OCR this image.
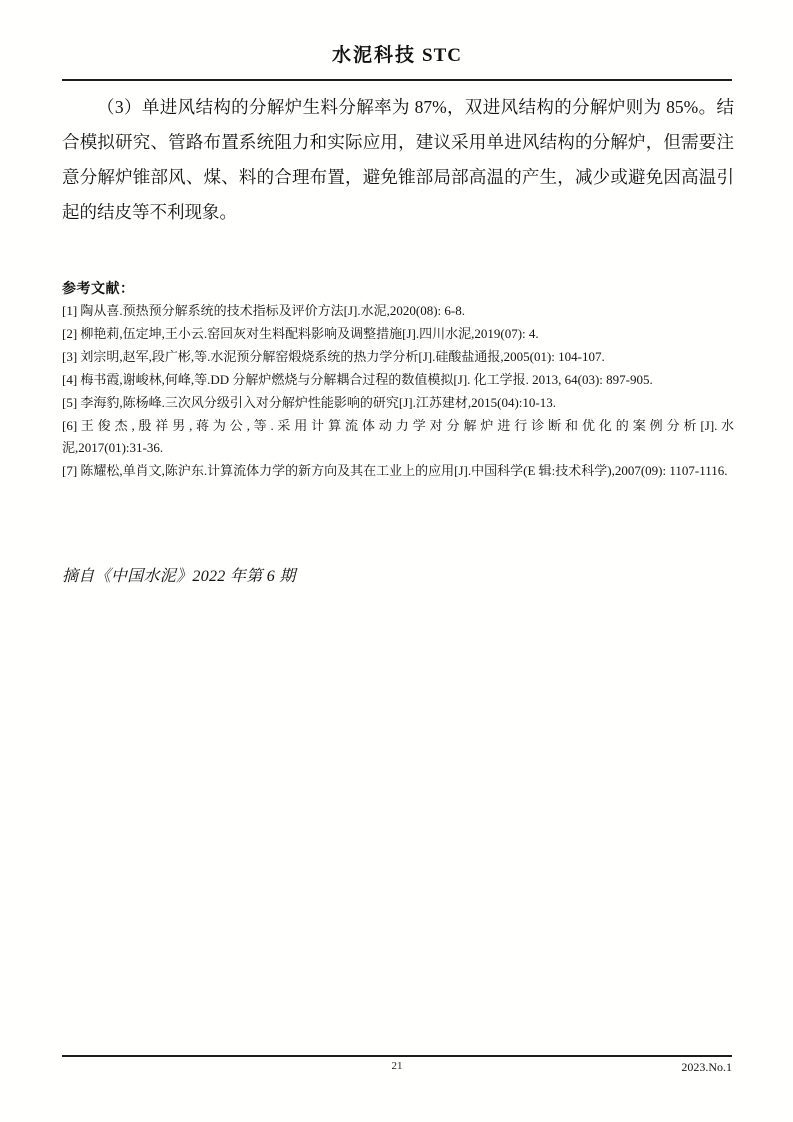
水泥科技 STC

（3）单进风结构的分解炉生料分解率为 87%，双进风结构的分解炉则为 85%。结合模拟研究、管路布置系统阻力和实际应用，建议采用单进风结构的分解炉，但需要注意分解炉锥部风、煤、料的合理布置，避免锥部局部高温的产生，减少或避免因高温引起的结皮等不利现象。

参考文献：

[1] 陶从喜.预热预分解系统的技术指标及评价方法[J].水泥,2020(08): 6-8.

[2] 柳艳莉,伍定坤,王小云.窑回灰对生料配料影响及调整措施[J].四川水泥,2019(07): 4.

[3] 刘宗明,赵军,段广彬,等.水泥预分解窑煅烧系统的热力学分析[J].硅酸盐通报,2005(01): 104-107.

[4] 梅书霞,谢峻林,何峰,等.DD 分解炉燃烧与分解耦合过程的数值模拟[J]. 化工学报. 2013, 64(03): 897-905.

[5] 李海豹,陈杨峰.三次风分级引入对分解炉性能影响的研究[J].江苏建材,2015(04):10-13.

[6] 王 俊 杰 , 殷 祥 男 , 蒋 为 公 , 等 . 采 用 计 算 流 体 动 力 学 对 分 解 炉 进 行 诊 断 和 优 化 的 案 例 分 析 [J]. 水泥,2017(01):31-36.

[7] 陈耀松,单肖文,陈沪东.计算流体力学的新方向及其在工业上的应用[J].中国科学(E 辑:技术科学),2007(09): 1107-1116.

摘自《中国水泥》2022 年第 6 期
21	2023.No.1
